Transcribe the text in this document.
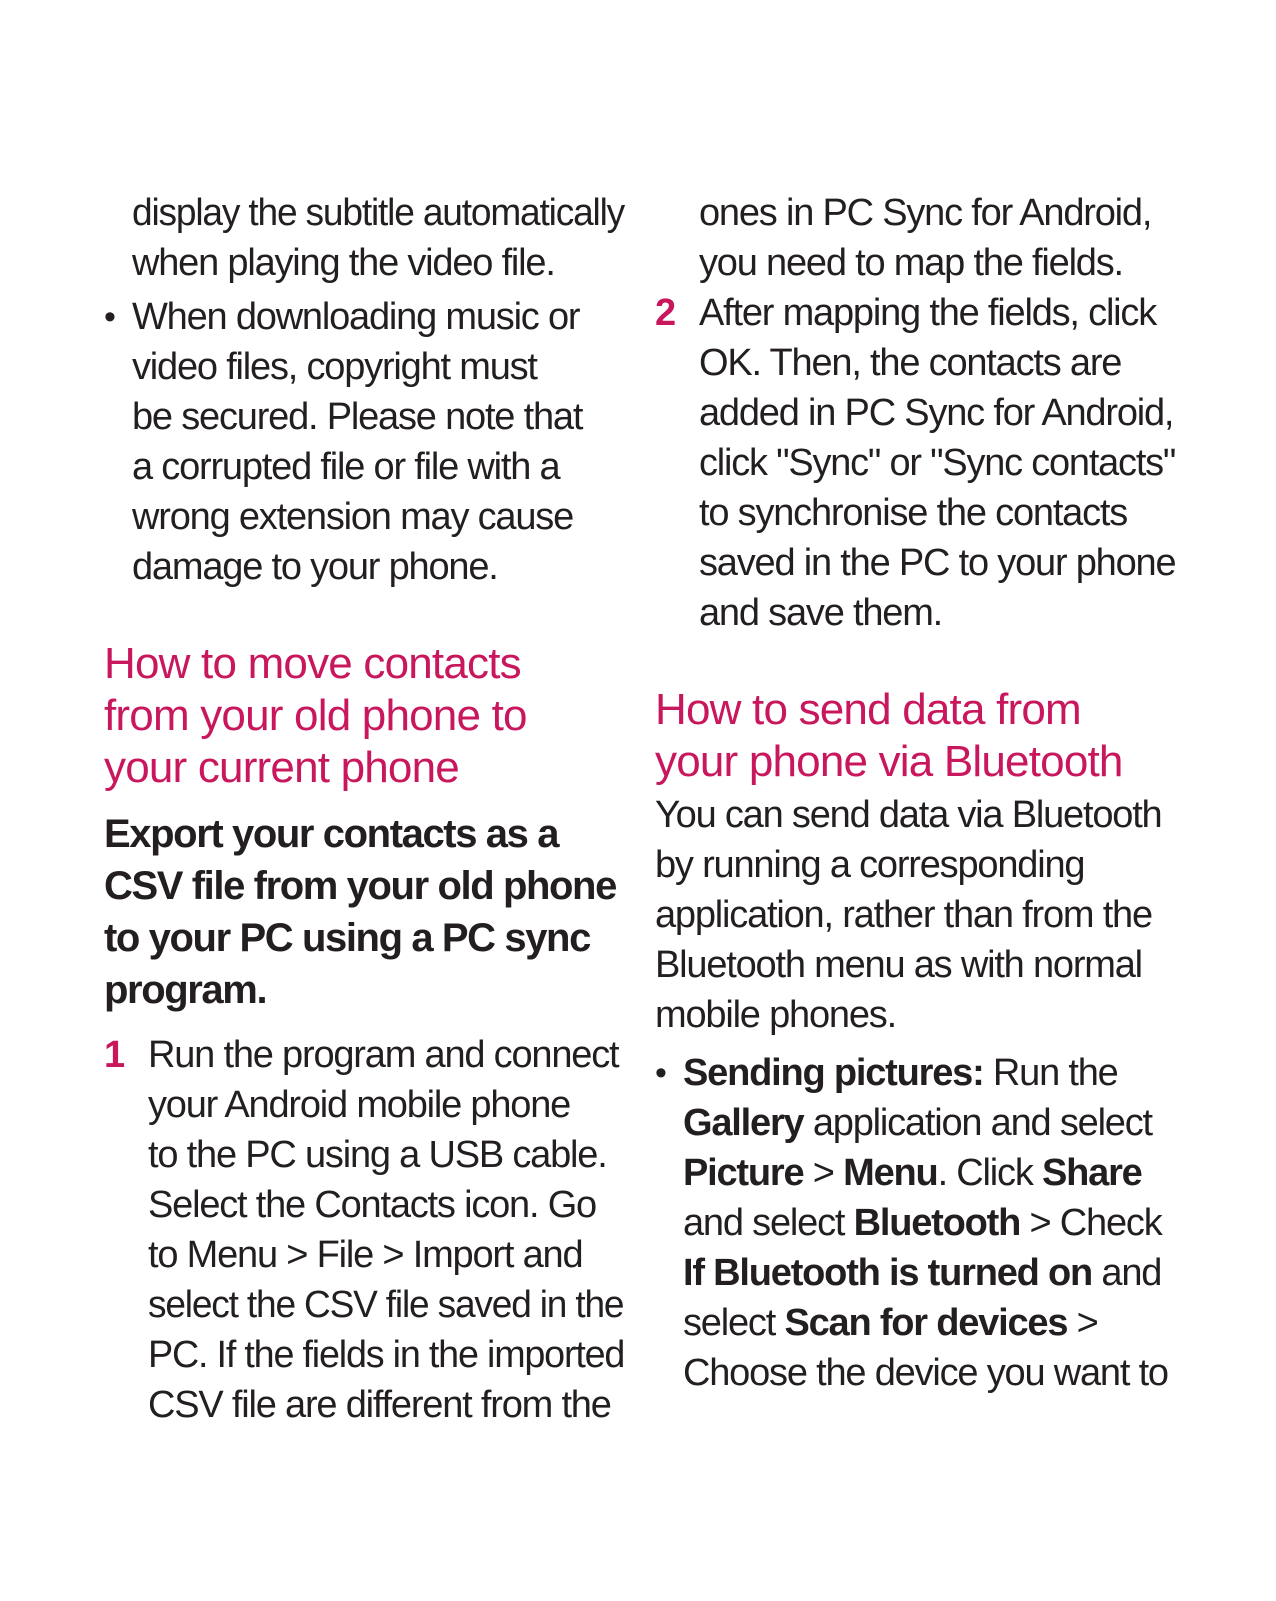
display the subtitle automatically
when playing the video file.
• When downloading music or
video files, copyright must
be secured. Please note that
a corrupted file or file with a
wrong extension may cause
damage to your phone.
How to move contacts
from your old phone to
your current phone
Export your contacts as a
CSV file from your old phone
to your PC using a PC sync
program.
1 Run the program and connect
your Android mobile phone
to the PC using a USB cable.
Select the Contacts icon. Go
to Menu > File > Import and
select the CSV file saved in the
PC. If the fields in the imported
CSV file are different from the
ones in PC Sync for Android,
you need to map the fields.
2 After mapping the fields, click
OK. Then, the contacts are
added in PC Sync for Android,
click "Sync" or "Sync contacts"
to synchronise the contacts
saved in the PC to your phone
and save them.
How to send data from
your phone via Bluetooth
You can send data via Bluetooth
by running a corresponding
application, rather than from the
Bluetooth menu as with normal
mobile phones.
• Sending pictures: Run the
Gallery application and select
Picture > Menu. Click Share
and select Bluetooth > Check
If Bluetooth is turned on and
select Scan for devices >
Choose the device you want to
